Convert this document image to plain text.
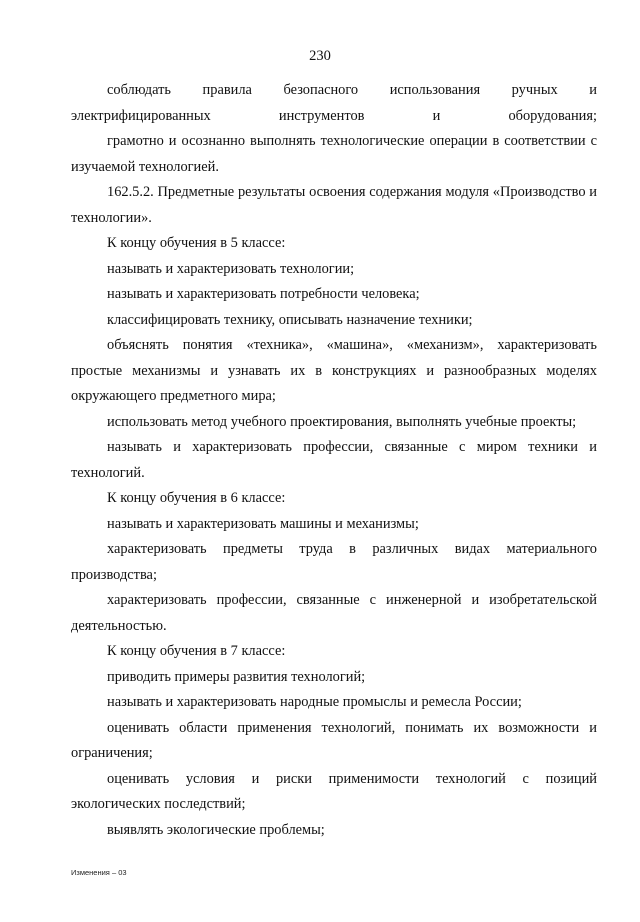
230

соблюдать правила безопасного использования ручных и электрифицированных инструментов и оборудования;

грамотно и осознанно выполнять технологические операции в соответствии с изучаемой технологией.

162.5.2. Предметные результаты освоения содержания модуля «Производство и технологии».

К концу обучения в 5 классе:

называть и характеризовать технологии;

называть и характеризовать потребности человека;

классифицировать технику, описывать назначение техники;

объяснять понятия «техника», «машина», «механизм», характеризовать простые механизмы и узнавать их в конструкциях и разнообразных моделях окружающего предметного мира;

использовать метод учебного проектирования, выполнять учебные проекты;

называть и характеризовать профессии, связанные с миром техники и технологий.

К концу обучения в 6 классе:

называть и характеризовать машины и механизмы;

характеризовать предметы труда в различных видах материального производства;

характеризовать профессии, связанные с инженерной и изобретательской деятельностью.

К концу обучения в 7 классе:

приводить примеры развития технологий;

называть и характеризовать народные промыслы и ремесла России;

оценивать области применения технологий, понимать их возможности и ограничения;

оценивать условия и риски применимости технологий с позиций экологических последствий;

выявлять экологические проблемы;

Изменения – 03
